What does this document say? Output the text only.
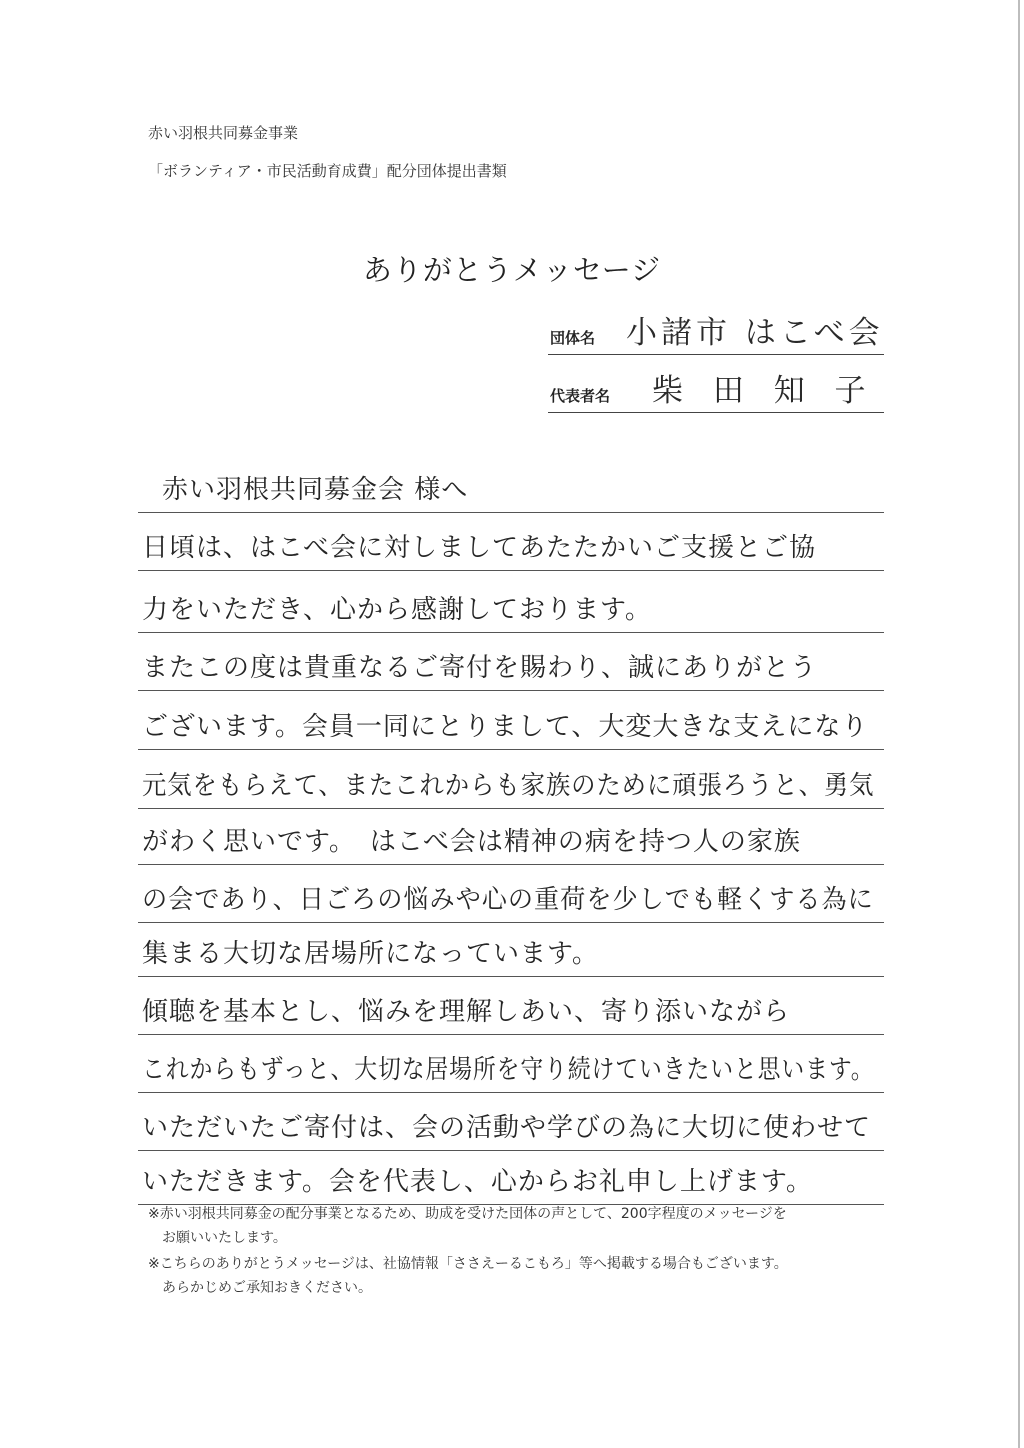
赤い羽根共同募金事業
「ボランティア・市民活動育成費」配分団体提出書類
ありがとうメッセージ
団体名 小諸市 はこべ会
代表者名 柴 田 知 子
赤い羽根共同募金会 様へ
日頃は、はこべ会に対しましてあたたかいご支援とご協
力をいただき、心から感謝しております。
またこの度は貴重なるご寄付を賜わり、誠にありがとう
ございます。会員一同にとりまして、大変大きな支えになり
元気をもらえて、またこれからも家族のために頑張ろうと、勇気
がわく思いです。　はこべ会は精神の病を持つ人の家族
の会であり、日ごろの悩みや心の重荷を少しでも軽くする為に
集まる大切な居場所になっています。
傾聴を基本とし、悩みを理解しあい、寄り添いながら
これからもずっと、大切な居場所を守り続けていきたいと思います。
いただいたご寄付は、会の活動や学びの為に大切に使わせて
いただきます。会を代表し、心からお礼申し上げます。
※赤い羽根共同募金の配分事業となるため、助成を受けた団体の声として、200字程度のメッセージを
お願いいたします。
※こちらのありがとうメッセージは、社協情報「ささえーるこもろ」等へ掲載する場合もございます。
あらかじめご承知おきください。
